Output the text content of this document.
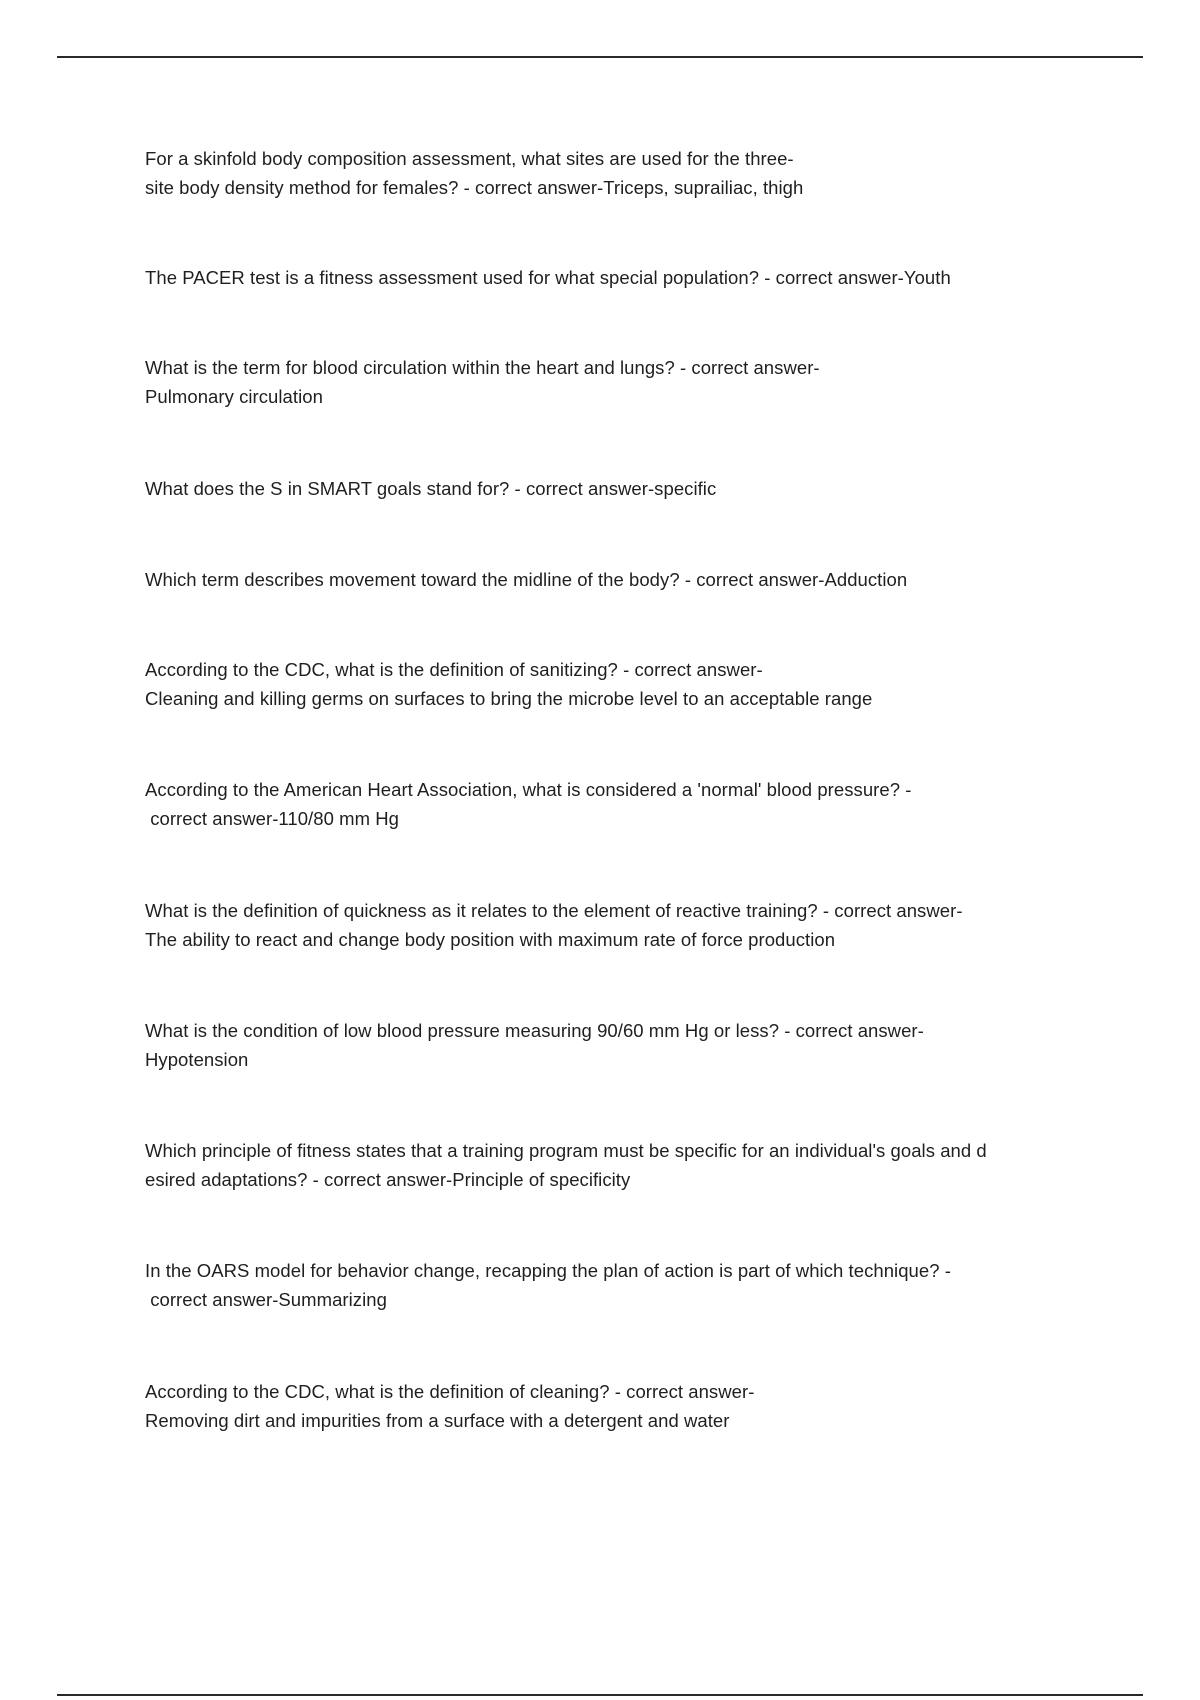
For a skinfold body composition assessment, what sites are used for the three-
site body density method for females? - correct answer-Triceps, suprailiac, thigh
The PACER test is a fitness assessment used for what special population? - correct answer-Youth
What is the term for blood circulation within the heart and lungs? - correct answer-
Pulmonary circulation
What does the S in SMART goals stand for? - correct answer-specific
Which term describes movement toward the midline of the body? - correct answer-Adduction
According to the CDC, what is the definition of sanitizing? - correct answer-
Cleaning and killing germs on surfaces to bring the microbe level to an acceptable range
According to the American Heart Association, what is considered a 'normal' blood pressure? -
correct answer-110/80 mm Hg
What is the definition of quickness as it relates to the element of reactive training? - correct answer-
The ability to react and change body position with maximum rate of force production
What is the condition of low blood pressure measuring 90/60 mm Hg or less? - correct answer-
Hypotension
Which principle of fitness states that a training program must be specific for an individual's goals and d
esired adaptations? - correct answer-Principle of specificity
In the OARS model for behavior change, recapping the plan of action is part of which technique? -
correct answer-Summarizing
According to the CDC, what is the definition of cleaning? - correct answer-
Removing dirt and impurities from a surface with a detergent and water
